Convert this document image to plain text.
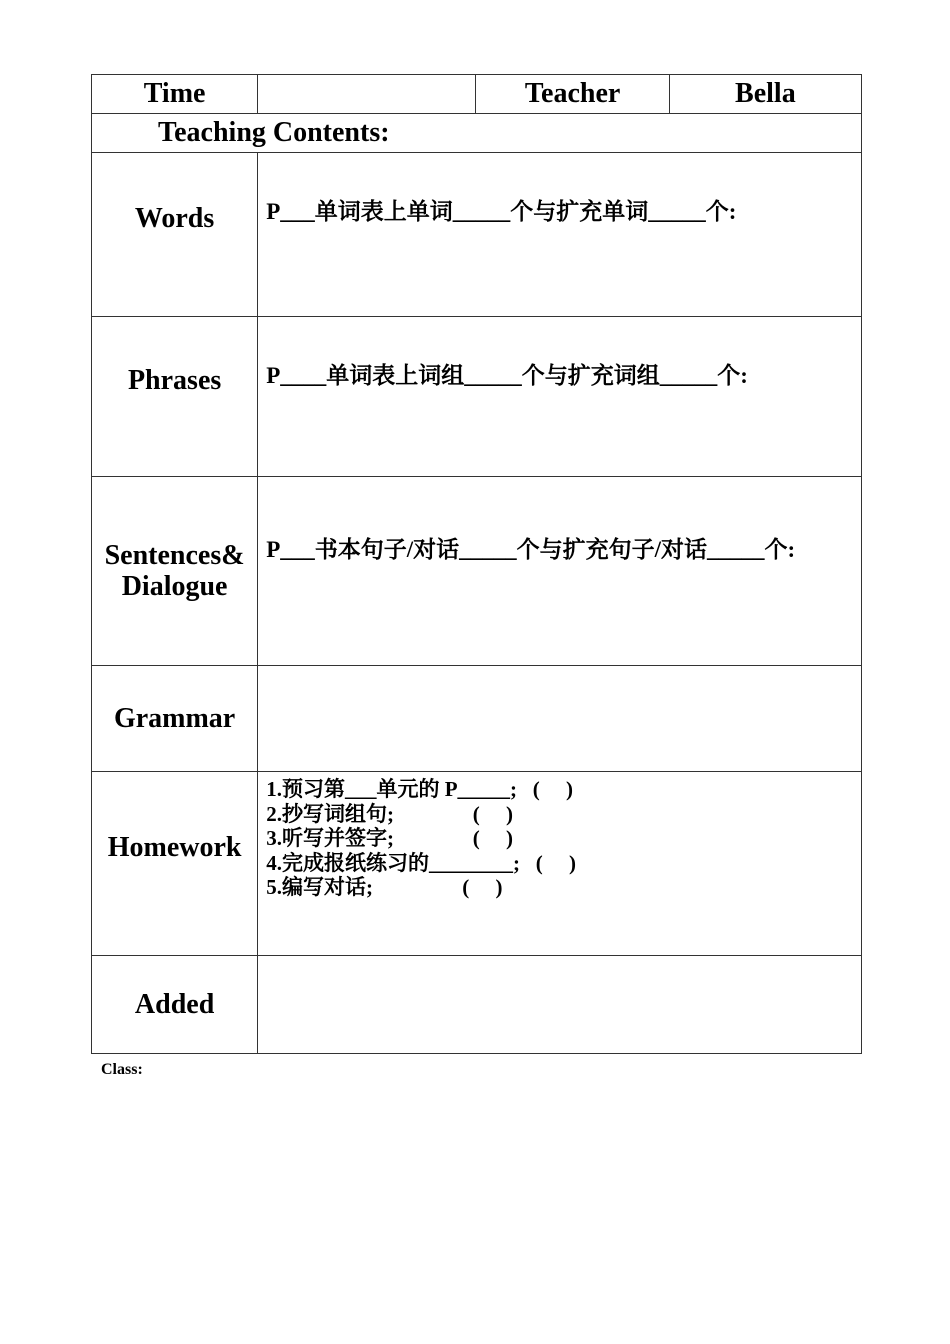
Time		Teacher	Bella
Teaching Contents:			
Words	P___单词表上单词_____个与扩充单词_____个:		

Phrases	P____单词表上词组_____个与扩充词组_____个:		

Sentences&
Dialogue	P___书本句子/对话_____个与扩充句子/对话_____个:		

Grammar			
Homework	1.预习第___单元的 P_____;   (     )
2.抄写词组句;               (     )
3.听写并签字;               (     )
4.完成报纸练习的________;   (     )
5.编写对话;                 (     )		

Added			
Class:
